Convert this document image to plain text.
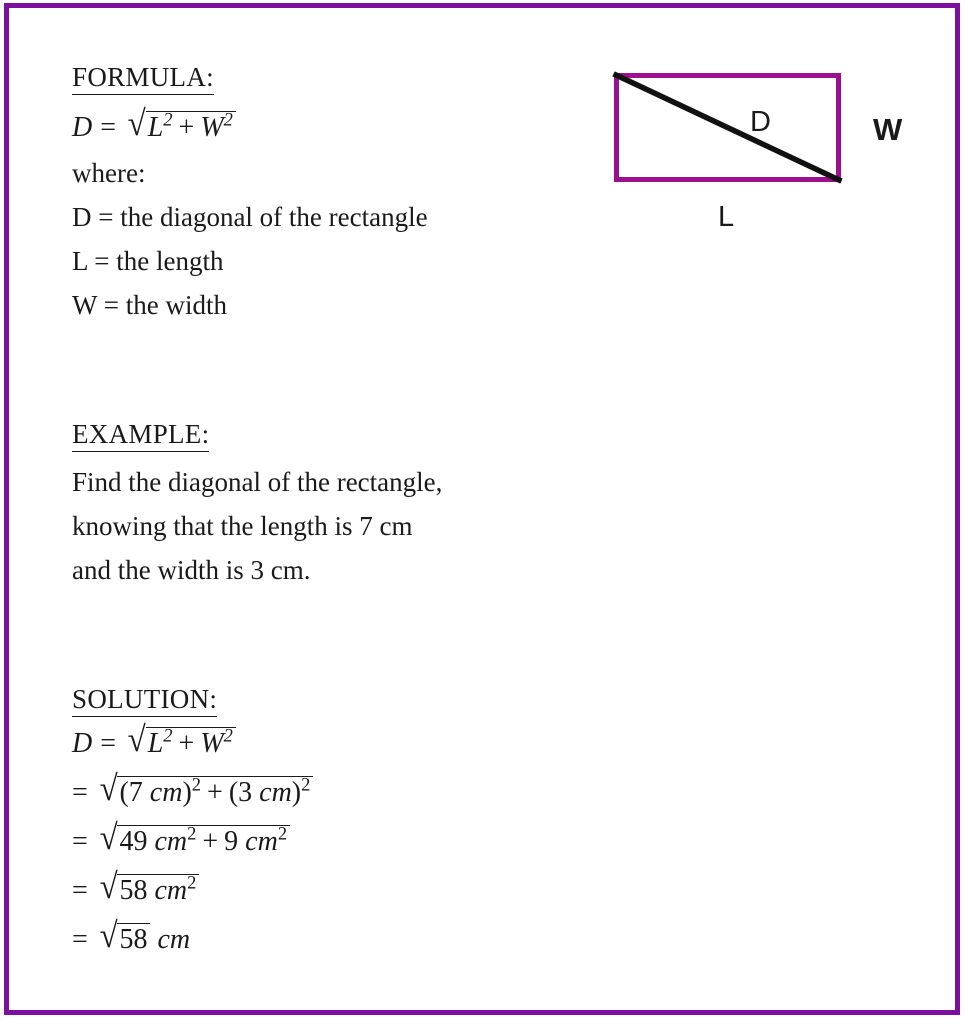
FORMULA:
D = √ $L^2 + W^2$
where:
D = the diagonal of the rectangle
L = the length
W = the width
D	W
L
EXAMPLE:
Find the diagonal of the rectangle,
knowing that the length is 7 cm
and the width is 3 cm.
SOLUTION:
D = √ $L^2 + W^2$
= √ (7 cm)$^2$ + (3 cm)$^2$
= √ 49 $cm^2 + 9$ $cm^2$
= √ 58 $cm^2$
= √ 58 cm
